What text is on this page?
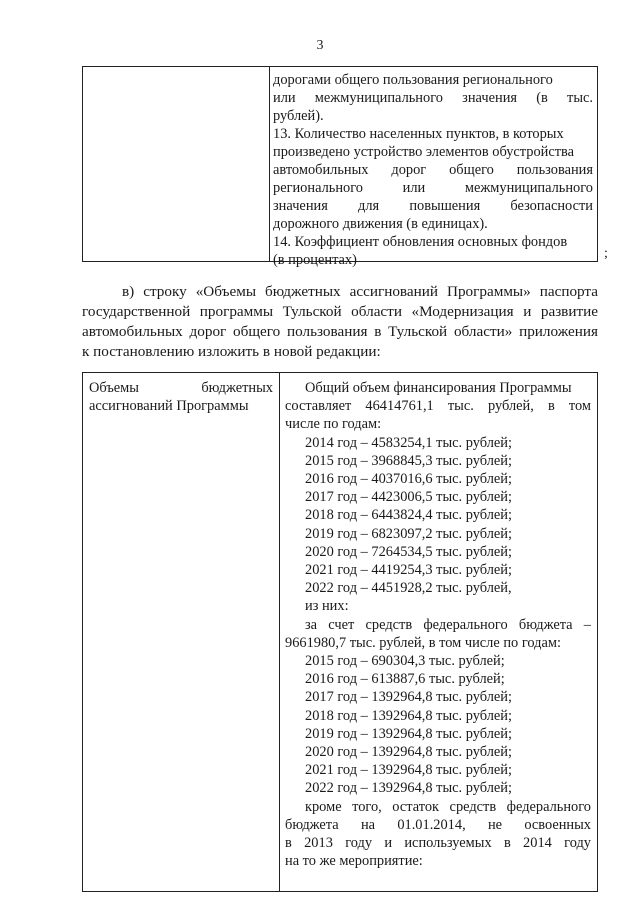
3

дорогами общего пользования регионального

или межмуниципального значения (в тыс.

рублей).

13. Количество населенных пунктов, в которых

произведено устройство элементов обустройства

автомобильных дорог общего пользования

регионального или межмуниципального

значения для повышения безопасности

дорожного движения (в единицах).

14. Коэффициент обновления основных фондов

(в процентах)	;
в) строку «Объемы бюджетных ассигнований Программы» паспорта
государственной программы Тульской области «Модернизация и развитие
автомобильных дорог общего пользования в Тульской области» приложения
к постановлению изложить в новой редакции:
Объемы	бюджетных
ассигнований Программы

Общий объем финансирования Программы

составляет 46414761,1 тыс. рублей, в том

числе по годам:

2014 год – 4583254,1 тыс. рублей;

2015 год – 3968845,3 тыс. рублей;

2016 год – 4037016,6 тыс. рублей;

2017 год – 4423006,5 тыс. рублей;

2018 год – 6443824,4 тыс. рублей;

2019 год – 6823097,2 тыс. рублей;

2020 год – 7264534,5 тыс. рублей;

2021 год – 4419254,3 тыс. рублей;

2022 год – 4451928,2 тыс. рублей,

из них:

за счет средств федерального бюджета –

9661980,7 тыс. рублей, в том числе по годам:

2015 год – 690304,3 тыс. рублей;

2016 год – 613887,6 тыс. рублей;

2017 год – 1392964,8 тыс. рублей;

2018 год – 1392964,8 тыс. рублей;

2019 год – 1392964,8 тыс. рублей;

2020 год – 1392964,8 тыс. рублей;

2021 год – 1392964,8 тыс. рублей;

2022 год – 1392964,8 тыс. рублей;

кроме того, остаток средств федерального

бюджета на 01.01.2014, не освоенных

в 2013 году и используемых в 2014 году

на то же мероприятие:
